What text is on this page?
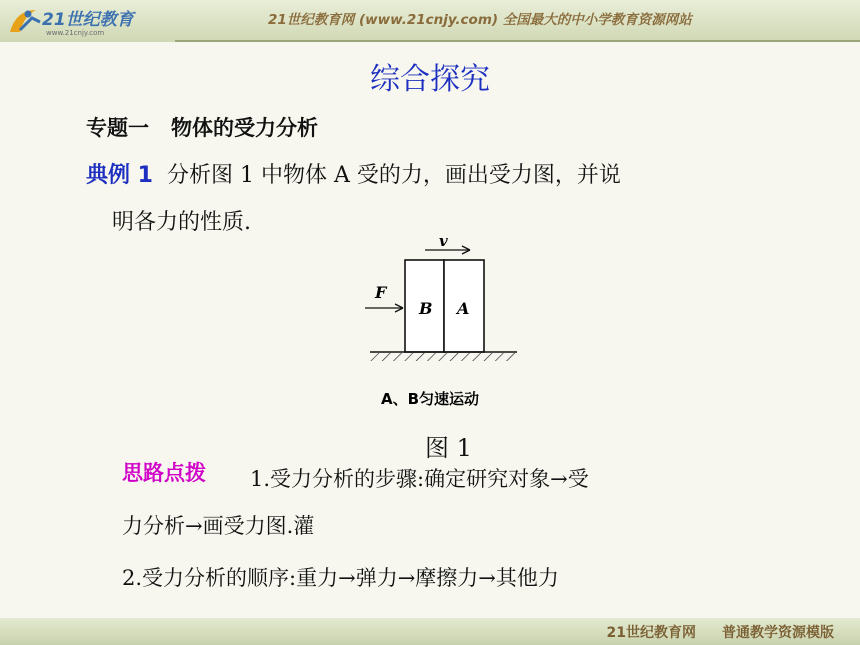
21世纪教育
www.21cnjy.com
21世纪教育网 (www.21cnjy.com) 全国最大的中小学教育资源网站
综合探究
专题一 物体的受力分析
典例 1 分析图 1 中物体 A 受的力，画出受力图，并说
明各力的性质.
v
B A
F
A、B匀速运动
图 1
思路点拨 1.受力分析的步骤:确定研究对象→受
力分析→画受力图.灌
2.受力分析的顺序:重力→弹力→摩擦力→其他力
21世纪教育网 普通教学资源模版
